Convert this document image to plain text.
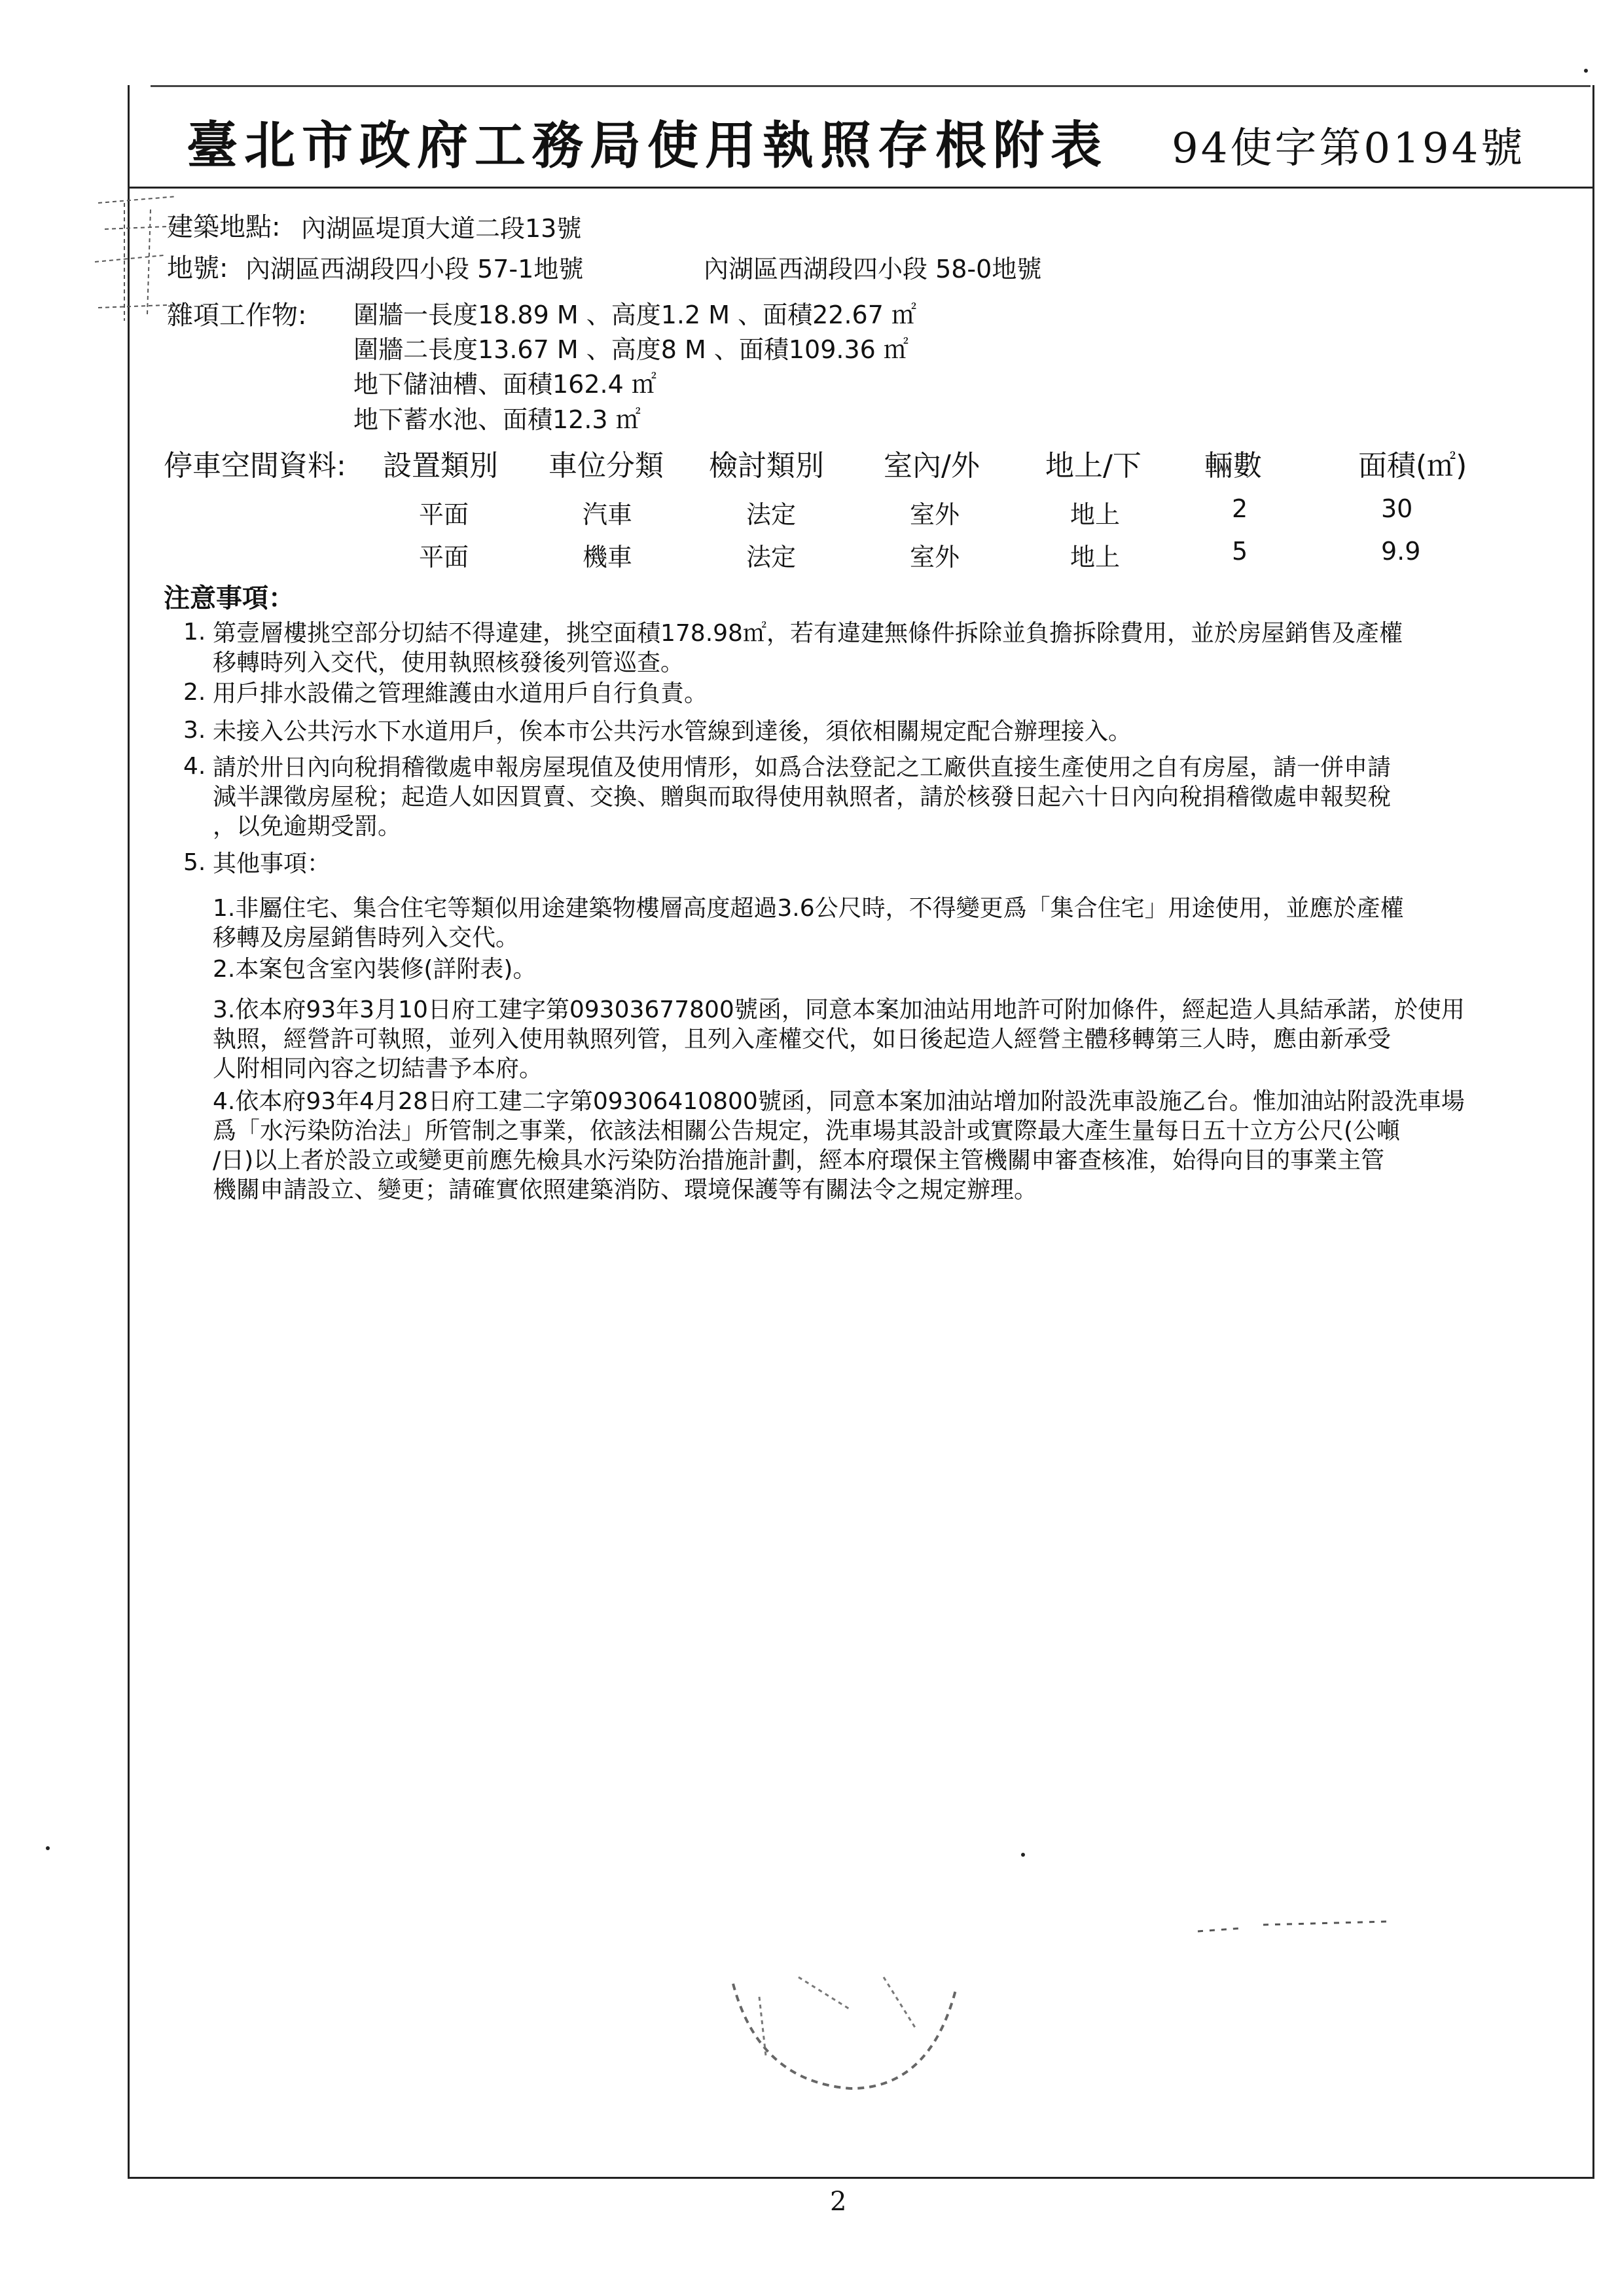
臺北市政府工務局使用執照存根附表 94使字第0194號
建築地點: 內湖區堤頂大道二段13號
地號: 內湖區西湖段四小段 57-1地號	內湖區西湖段四小段 58-0地號
雜項工作物: 圍牆一長度18.89 M 、高度1.2 M 、面積22.67 ㎡
圍牆二長度13.67 M 、高度8 M 、面積109.36 ㎡
地下儲油槽、面積162.4 ㎡
地下蓄水池、面積12.3 ㎡
停車空間資料: 設置類別 車位分類 檢討類別 室內/外 地上/下 輛數	面積(㎡)
平面	汽車	法定	室外	地上	2	30
平面	機車	法定	室外	地上	5	9.9
注意事項：
1. 第壹層樓挑空部分切結不得違建，挑空面積178.98㎡，若有違建無條件拆除並負擔拆除費用，並於房屋銷售及產權
移轉時列入交代，使用執照核發後列管巡查。
2. 用戶排水設備之管理維護由水道用戶自行負責。
3. 未接入公共污水下水道用戶，俟本市公共污水管線到達後，須依相關規定配合辦理接入。
4. 請於卅日內向稅捐稽徵處申報房屋現值及使用情形，如爲合法登記之工廠供直接生產使用之自有房屋，請一併申請
減半課徵房屋稅；起造人如因買賣、交換、贈與而取得使用執照者，請於核發日起六十日內向稅捐稽徵處申報契稅
，以免逾期受罰。
5. 其他事項：
1.非屬住宅、集合住宅等類似用途建築物樓層高度超過3.6公尺時，不得變更爲「集合住宅」用途使用，並應於產權
移轉及房屋銷售時列入交代。
2.本案包含室內裝修(詳附表)。
3.依本府93年3月10日府工建字第09303677800號函，同意本案加油站用地許可附加條件，經起造人具結承諾，於使用
執照，經營許可執照，並列入使用執照列管，且列入產權交代，如日後起造人經營主體移轉第三人時，應由新承受
人附相同內容之切結書予本府。
4.依本府93年4月28日府工建二字第09306410800號函，同意本案加油站增加附設洗車設施乙台。惟加油站附設洗車場
爲「水污染防治法」所管制之事業，依該法相關公告規定，洗車場其設計或實際最大產生量每日五十立方公尺(公噸
/日)以上者於設立或變更前應先檢具水污染防治措施計劃，經本府環保主管機關申審查核准，始得向目的事業主管
機關申請設立、變更；請確實依照建築消防、環境保護等有關法令之規定辦理。
2
